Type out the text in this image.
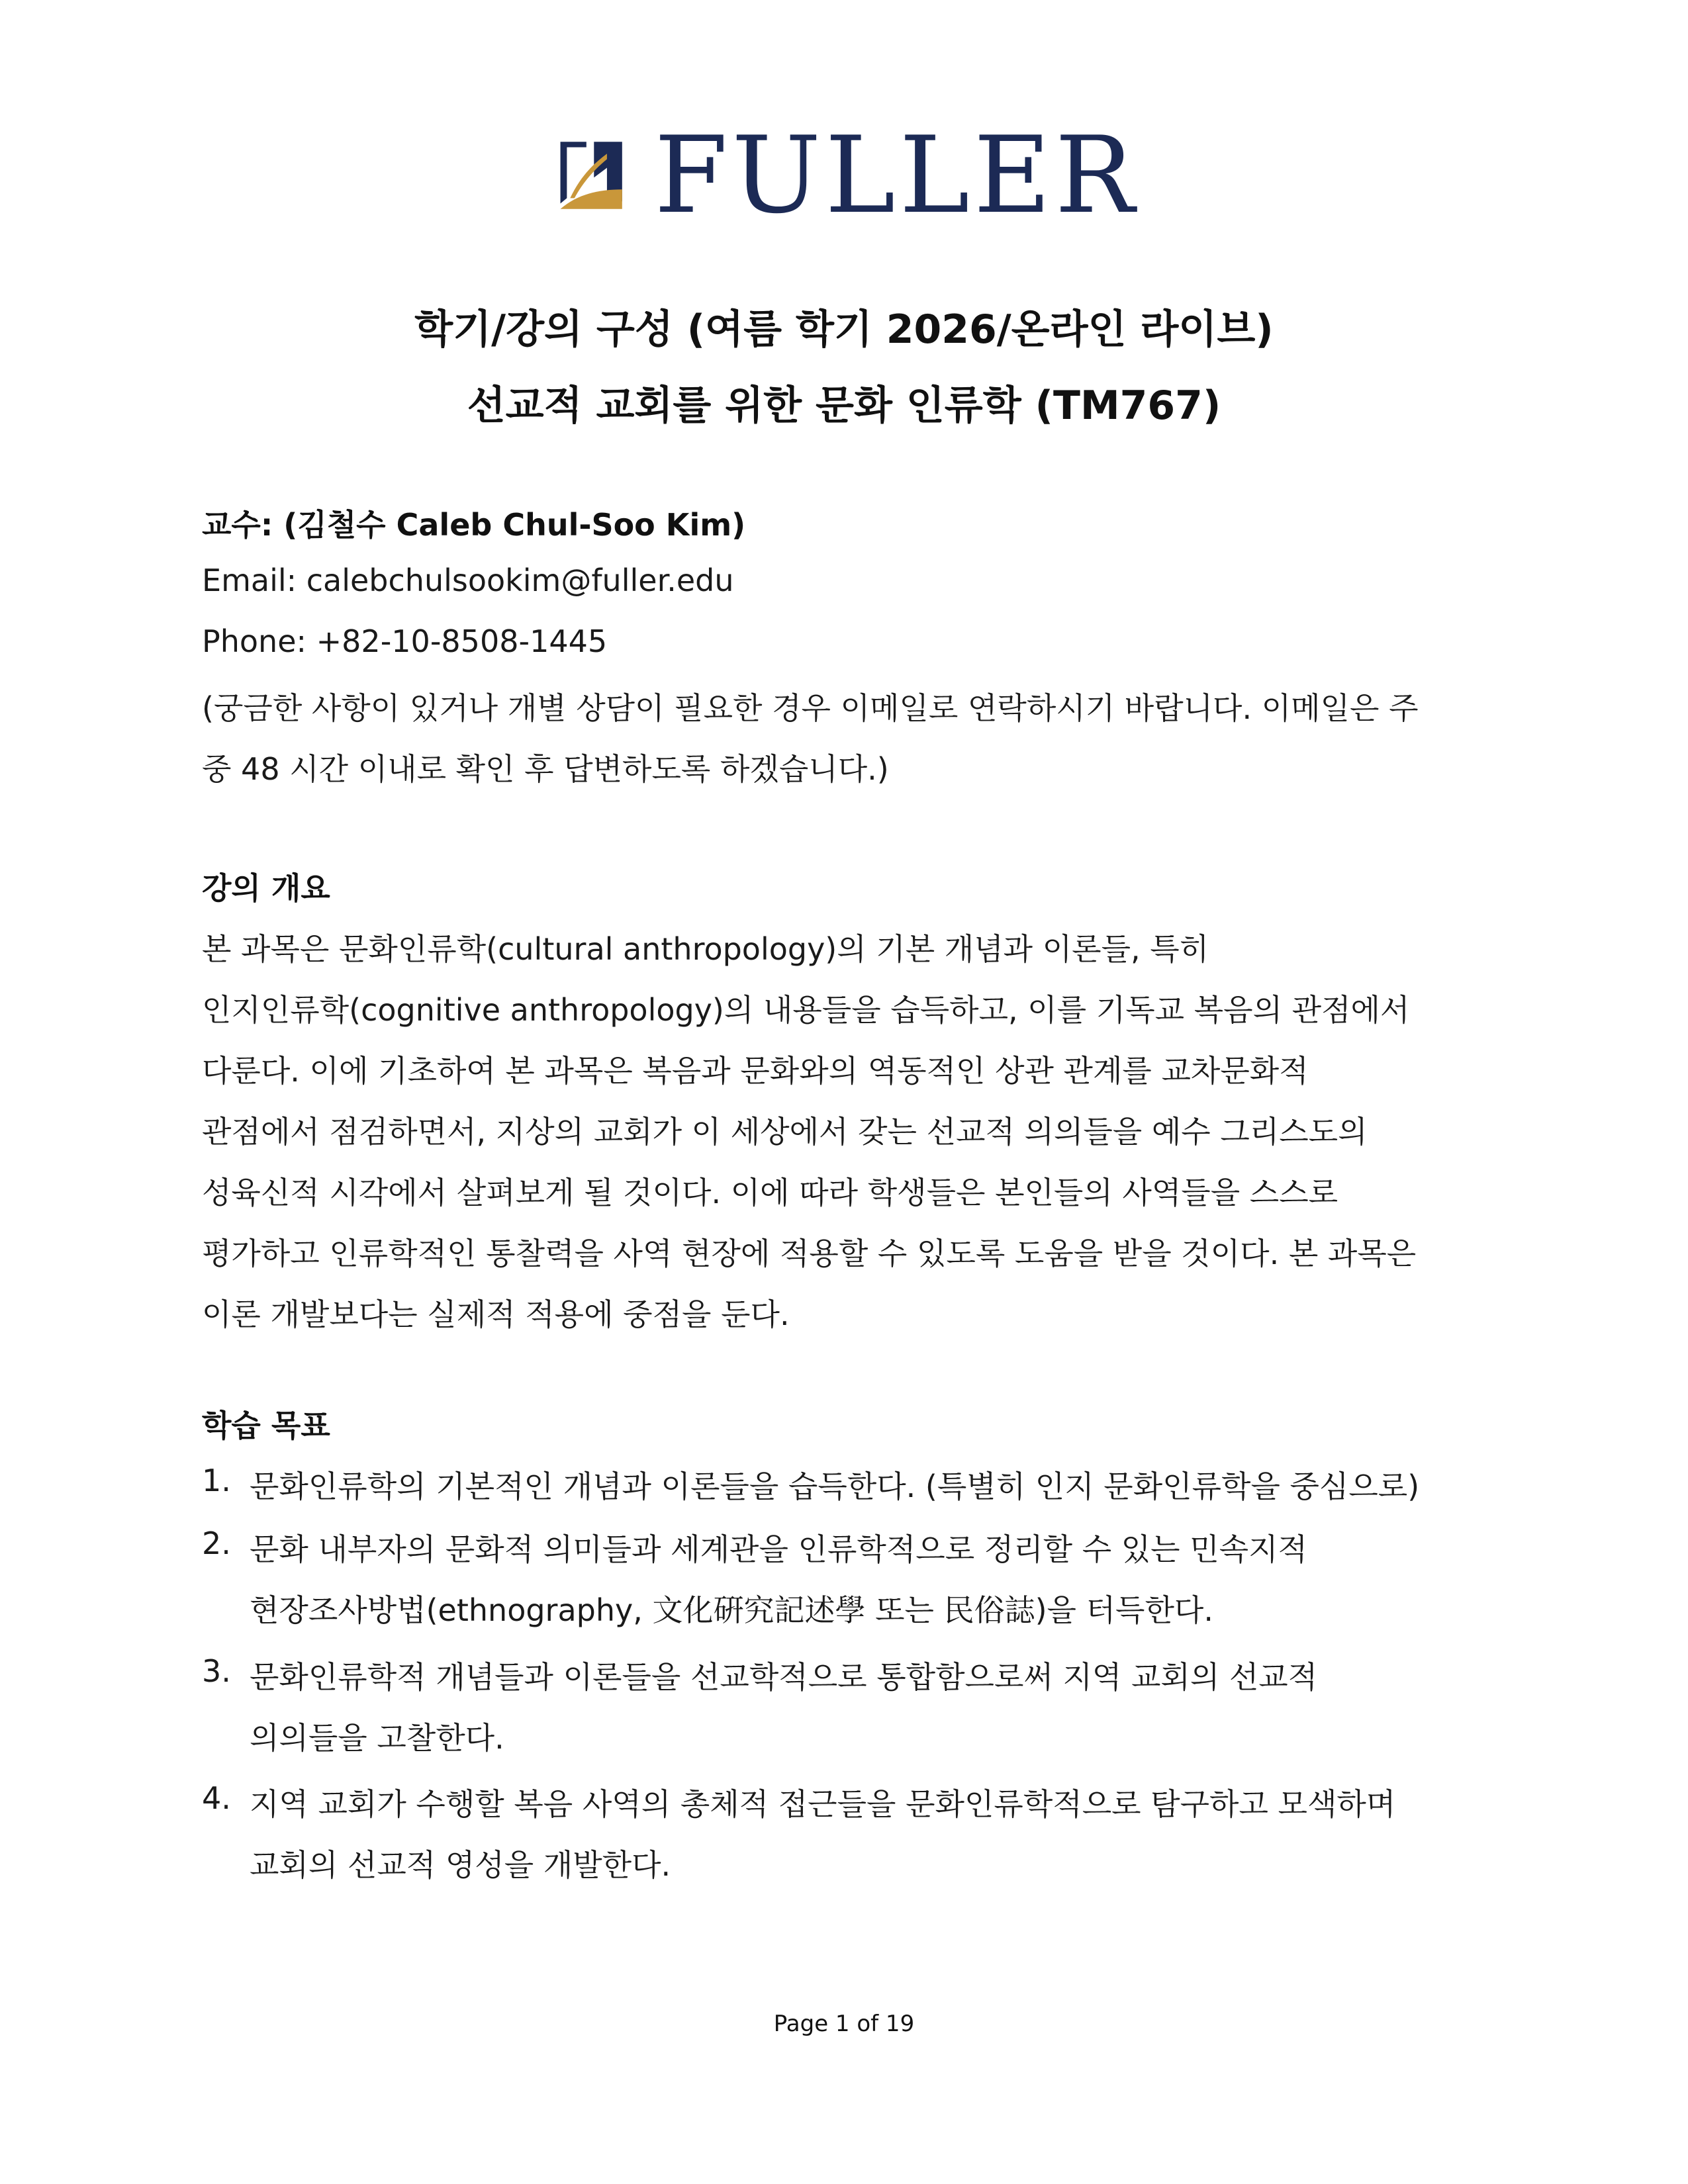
FULLER
학기/강의 구성 (여름 학기 2026/온라인 라이브)
선교적 교회를 위한 문화 인류학 (TM767)
교수: (김철수 Caleb Chul-Soo Kim)
Email: calebchulsookim@fuller.edu
Phone: +82-10-8508-1445
(궁금한 사항이 있거나 개별 상담이 필요한 경우 이메일로 연락하시기 바랍니다. 이메일은 주
중 48 시간 이내로 확인 후 답변하도록 하겠습니다.)
강의 개요
본 과목은 문화인류학(cultural anthropology)의 기본 개념과 이론들, 특히
인지인류학(cognitive anthropology)의 내용들을 습득하고, 이를 기독교 복음의 관점에서
다룬다. 이에 기초하여 본 과목은 복음과 문화와의 역동적인 상관 관계를 교차문화적
관점에서 점검하면서, 지상의 교회가 이 세상에서 갖는 선교적 의의들을 예수 그리스도의
성육신적 시각에서 살펴보게 될 것이다. 이에 따라 학생들은 본인들의 사역들을 스스로
평가하고 인류학적인 통찰력을 사역 현장에 적용할 수 있도록 도움을 받을 것이다. 본 과목은
이론 개발보다는 실제적 적용에 중점을 둔다.
학습 목표
1. 문화인류학의 기본적인 개념과 이론들을 습득한다. (특별히 인지 문화인류학을 중심으로)
2. 문화 내부자의 문화적 의미들과 세계관을 인류학적으로 정리할 수 있는 민속지적
현장조사방법(ethnography, 文化硏究記述學 또는 民俗誌)을 터득한다.
3. 문화인류학적 개념들과 이론들을 선교학적으로 통합함으로써 지역 교회의 선교적
의의들을 고찰한다.
4. 지역 교회가 수행할 복음 사역의 총체적 접근들을 문화인류학적으로 탐구하고 모색하며
교회의 선교적 영성을 개발한다.
Page 1 of 19
